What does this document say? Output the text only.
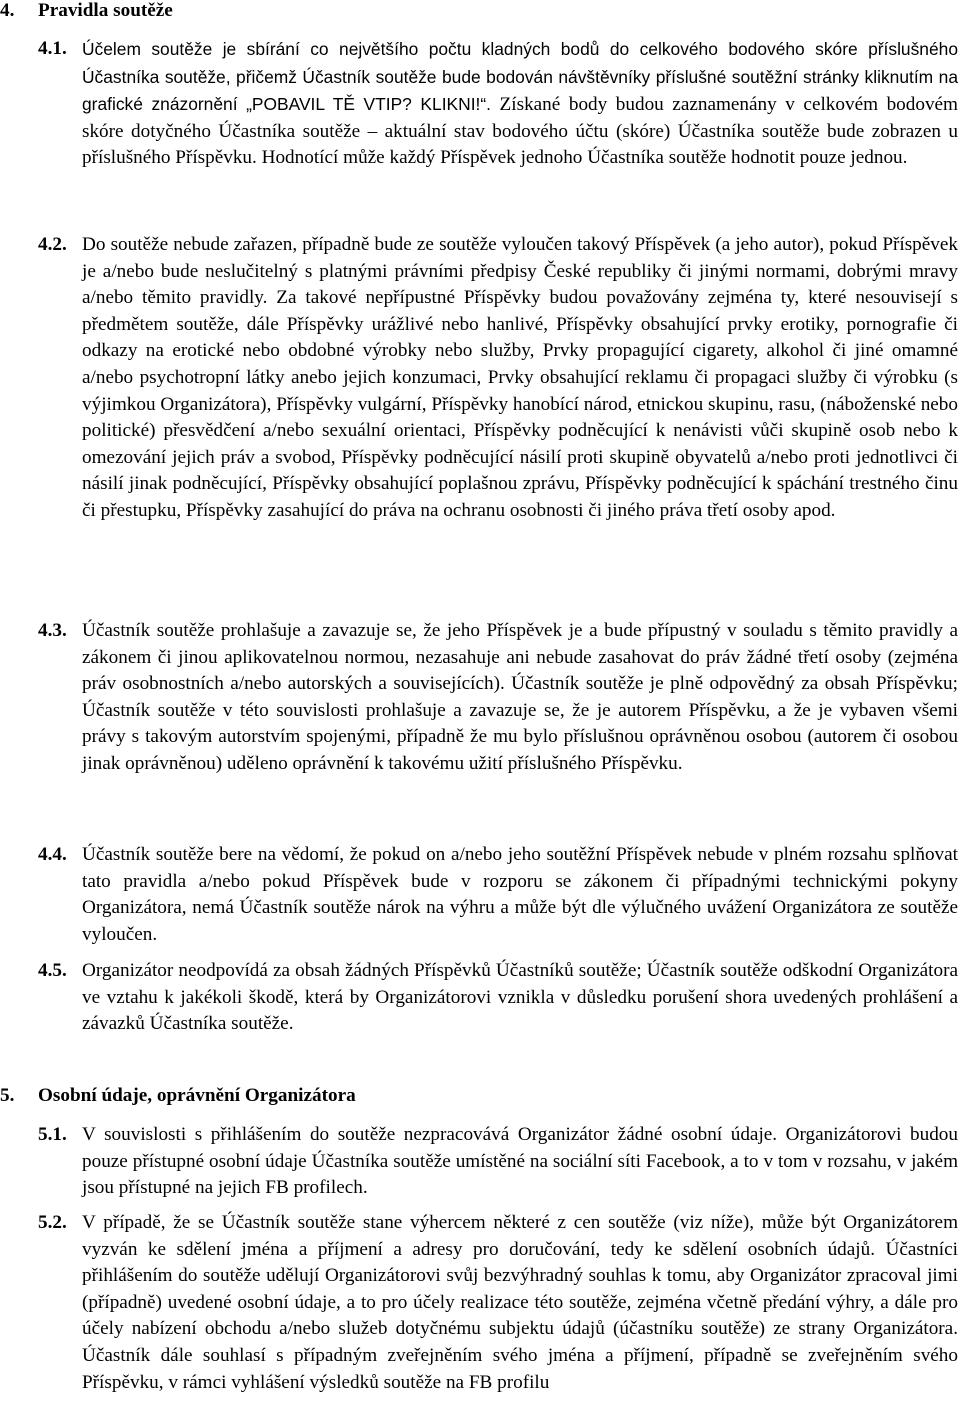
4. Pravidla soutěže
4.1. Účelem soutěže je sbírání co největšího počtu kladných bodů do celkového bodového skóre příslušného Účastníka soutěže, přičemž Účastník soutěže bude bodován návštěvníky příslušné soutěžní stránky kliknutím na grafické znázornění „POBAVIL TĚ VTIP? KLIKNI!“. Získané body budou zaznamenány v celkovém bodovém skóre dotyčného Účastníka soutěže – aktuální stav bodového účtu (skóre) Účastníka soutěže bude zobrazen u příslušného Příspěvku. Hodnotící může každý Příspěvek jednoho Účastníka soutěže hodnotit pouze jednou.
4.2. Do soutěže nebude zařazen, případně bude ze soutěže vyloučen takový Příspěvek (a jeho autor), pokud Příspěvek je a/nebo bude neslučitelný s platnými právními předpisy České republiky či jinými normami, dobrými mravy a/nebo těmito pravidly. Za takové nepřípustné Příspěvky budou považovány zejména ty, které nesouvisejí s předmětem soutěže, dále Příspěvky urážlivé nebo hanlivé, Příspěvky obsahující prvky erotiky, pornografie či odkazy na erotické nebo obdobné výrobky nebo služby, Prvky propagující cigarety, alkohol či jiné omamné a/nebo psychotropní látky anebo jejich konzumaci, Prvky obsahující reklamu či propagaci služby či výrobku (s výjimkou Organizátora), Příspěvky vulgární, Příspěvky hanobící národ, etnickou skupinu, rasu, (náboženské nebo politické) přesvědčení a/nebo sexuální orientaci, Příspěvky podněcující k nenávisti vůči skupině osob nebo k omezování jejich práv a svobod, Příspěvky podněcující násilí proti skupině obyvatelů a/nebo proti jednotlivci či násilí jinak podněcující, Příspěvky obsahující poplašnou zprávu, Příspěvky podněcující k spáchání trestného činu či přestupku, Příspěvky zasahující do práva na ochranu osobnosti či jiného práva třetí osoby apod.
4.3. Účastník soutěže prohlašuje a zavazuje se, že jeho Příspěvek je a bude přípustný v souladu s těmito pravidly a zákonem či jinou aplikovatelnou normou, nezasahuje ani nebude zasahovat do práv žádné třetí osoby (zejména práv osobnostních a/nebo autorských a souvisejících). Účastník soutěže je plně odpovědný za obsah Příspěvku; Účastník soutěže v této souvislosti prohlašuje a zavazuje se, že je autorem Příspěvku, a že je vybaven všemi právy s takovým autorstvím spojenými, případně že mu bylo příslušnou oprávněnou osobou (autorem či osobou jinak oprávněnou) uděleno oprávnění k takovému užití příslušného Příspěvku.
4.4. Účastník soutěže bere na vědomí, že pokud on a/nebo jeho soutěžní Příspěvek nebude v plném rozsahu splňovat tato pravidla a/nebo pokud Příspěvek bude v rozporu se zákonem či případnými technickými pokyny Organizátora, nemá Účastník soutěže nárok na výhru a může být dle výlučného uvážení Organizátora ze soutěže vyloučen.
4.5. Organizátor neodpovídá za obsah žádných Příspěvků Účastníků soutěže; Účastník soutěže odškodní Organizátora ve vztahu k jakékoli škodě, která by Organizátorovi vznikla v důsledku porušení shora uvedených prohlášení a závazků Účastníka soutěže.
5. Osobní údaje, oprávnění Organizátora
5.1. V souvislosti s přihlášením do soutěže nezpracovává Organizátor žádné osobní údaje. Organizátorovi budou pouze přístupné osobní údaje Účastníka soutěže umístěné na sociální síti Facebook, a to v tom v rozsahu, v jakém jsou přístupné na jejich FB profilech.
5.2. V případě, že se Účastník soutěže stane výhercem některé z cen soutěže (viz níže), může být Organizátorem vyzván ke sdělení jména a příjmení a adresy pro doručování, tedy ke sdělení osobních údajů. Účastníci přihlášením do soutěže udělují Organizátorovi svůj bezvýhradný souhlas k tomu, aby Organizátor zpracoval jimi (případně) uvedené osobní údaje, a to pro účely realizace této soutěže, zejména včetně předání výhry, a dále pro účely nabízení obchodu a/nebo služeb dotyčnému subjektu údajů (účastníku soutěže) ze strany Organizátora. Účastník dále souhlasí s případným zveřejněním svého jména a příjmení, případně se zveřejněním svého Příspěvku, v rámci vyhlášení výsledků soutěže na FB profilu
